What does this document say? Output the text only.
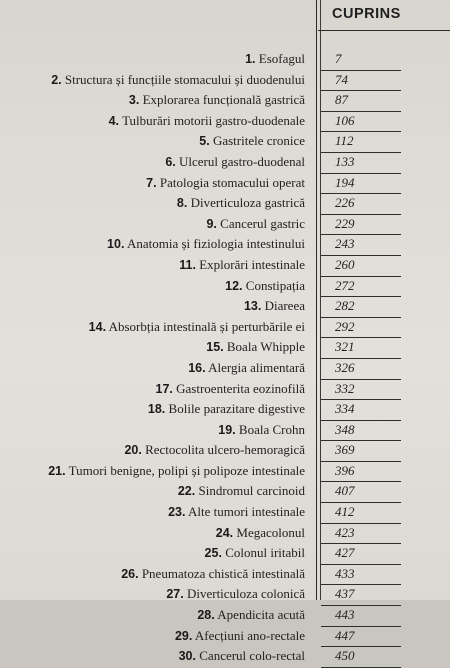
CUPRINS
1. Esofagul 7
2. Structura și funcțiile stomacului și duodenului 74
3. Explorarea funcțională gastrică 87
4. Tulburări motorii gastro-duodenale 106
5. Gastritele cronice 112
6. Ulcerul gastro-duodenal 133
7. Patologia stomacului operat 194
8. Diverticuloza gastrică 226
9. Cancerul gastric 229
10. Anatomia și fiziologia intestinului 243
11. Explorări intestinale 260
12. Constipația 272
13. Diareea 282
14. Absorbția intestinală și perturbările ei 292
15. Boala Whipple 321
16. Alergia alimentară 326
17. Gastroenterita eozinofilă 332
18. Bolile parazitare digestive 334
19. Boala Crohn 348
20. Rectocolita ulcero-hemoragică 369
21. Tumori benigne, polipi și polipoze intestinale 396
22. Sindromul carcinoid 407
23. Alte tumori intestinale 412
24. Megacolonul 423
25. Colonul iritabil 427
26. Pneumatoza chistică intestinală 433
27. Diverticuloza colonică 437
28. Apendicita acută 443
29. Afecțiuni ano-rectale 447
30. Cancerul colo-rectal 450
